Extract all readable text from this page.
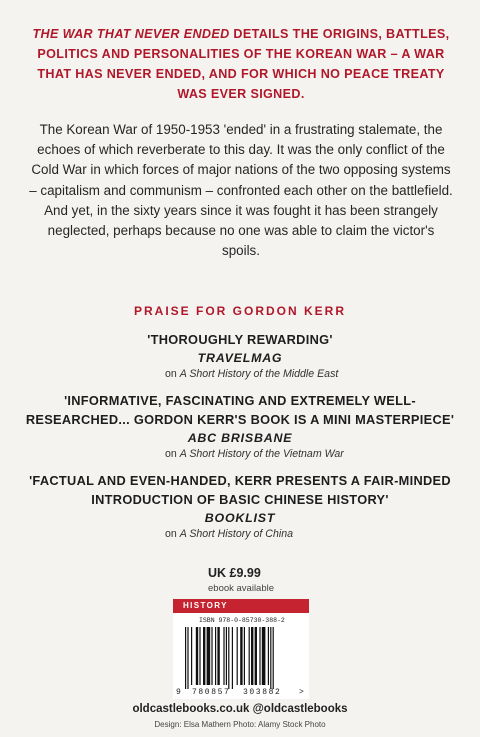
THE WAR THAT NEVER ENDED DETAILS THE ORIGINS, BATTLES, POLITICS AND PERSONALITIES OF THE KOREAN WAR – A WAR THAT HAS NEVER ENDED, AND FOR WHICH NO PEACE TREATY WAS EVER SIGNED.
The Korean War of 1950-1953 'ended' in a frustrating stalemate, the echoes of which reverberate to this day. It was the only conflict of the Cold War in which forces of major nations of the two opposing systems – capitalism and communism – confronted each other on the battlefield. And yet, in the sixty years since it was fought it has been strangely neglected, perhaps because no one was able to claim the victor's spoils.
PRAISE FOR GORDON KERR
'THOROUGHLY REWARDING'
TRAVELMAG
on A Short History of the Middle East
'INFORMATIVE, FASCINATING AND EXTREMELY WELL-RESEARCHED... GORDON KERR'S BOOK IS A MINI MASTERPIECE'
ABC BRISBANE
on A Short History of the Vietnam War
'FACTUAL AND EVEN-HANDED, KERR PRESENTS A FAIR-MINDED INTRODUCTION OF BASIC CHINESE HISTORY'
BOOKLIST
on A Short History of China
UK £9.99
ebook available
HISTORY
ISBN 978-0-85730-388-2
9 780857 303882 >
oldcastlebooks.co.uk @oldcastlebooks
Design: Elsa Mathern Photo: Alamy Stock Photo
